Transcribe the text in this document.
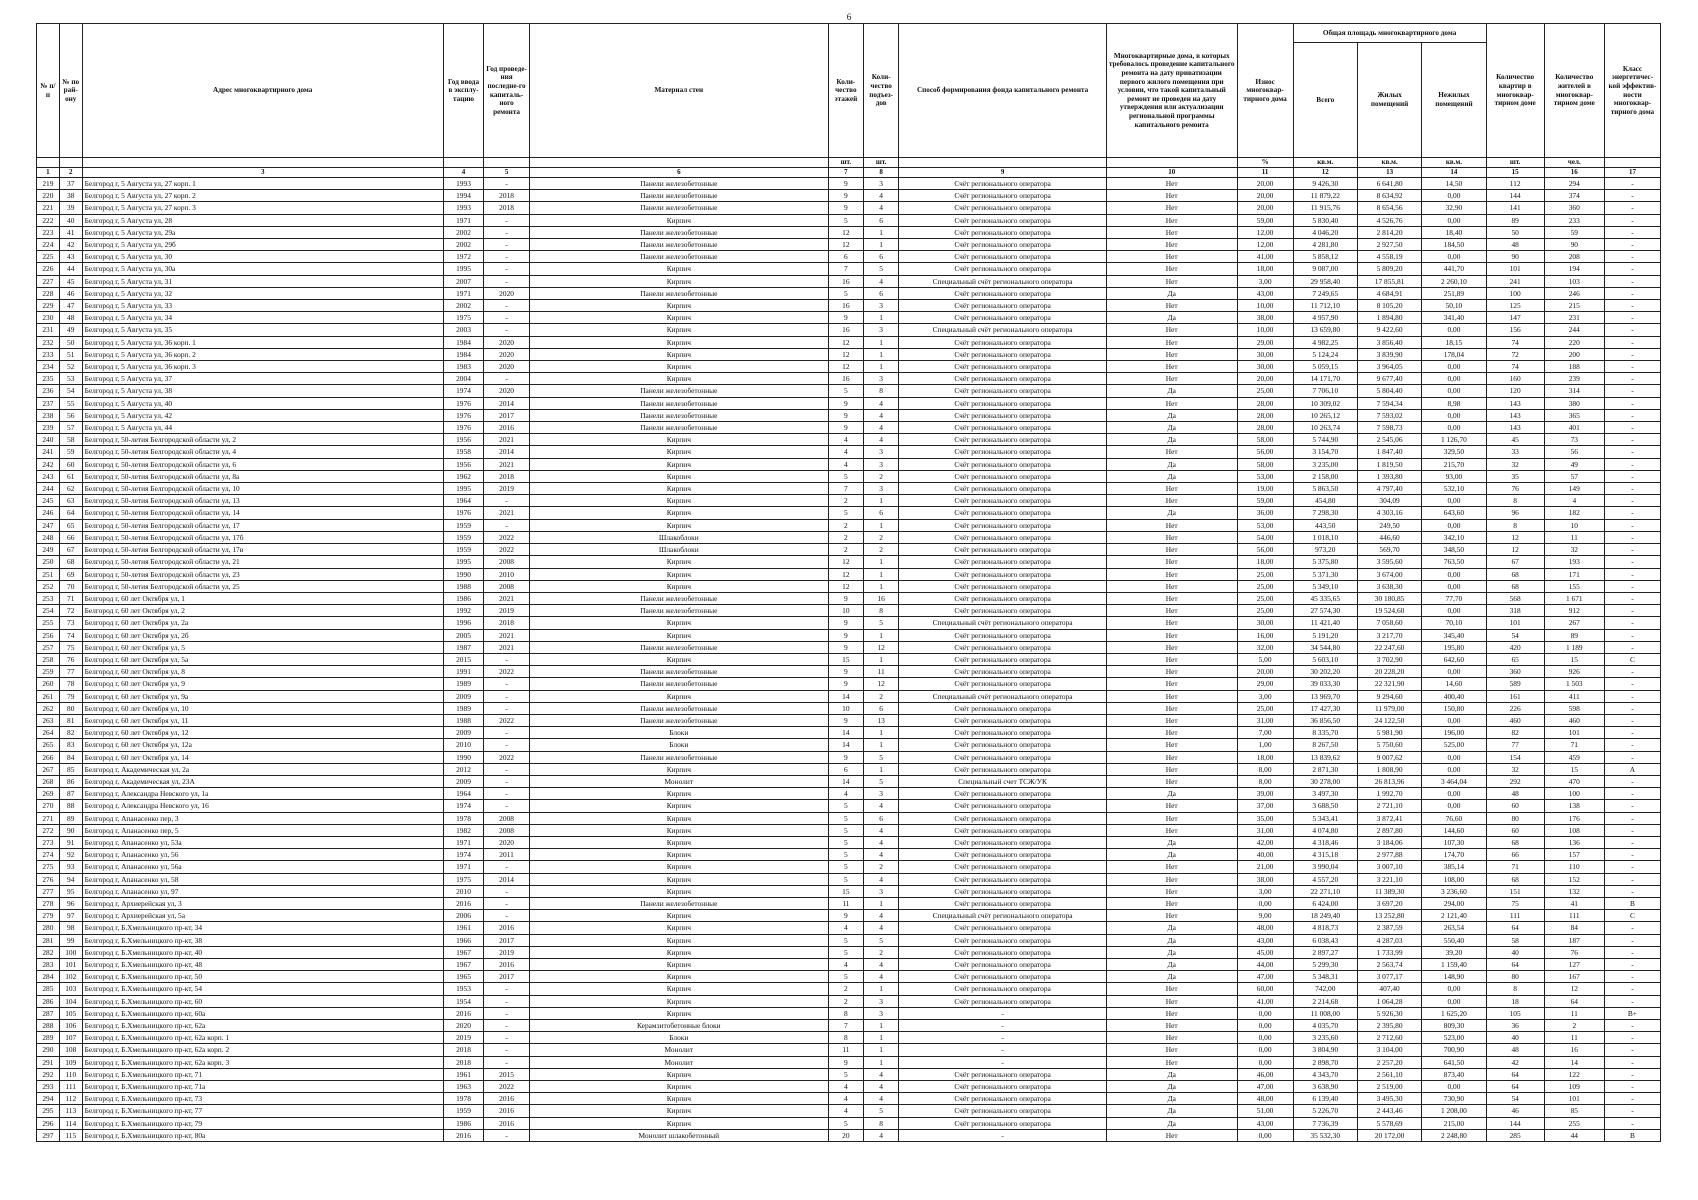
6
№ п/п	№ по рай-ону	Адрес многоквартирного дома	Год ввода в эксплу-тацию	Год проведе-ния последне-го капиталь-ного ремонта	Материал стен	Коли-чество этажей	Коли-чество подъез-дов	Способ формирования фонда капитального ремонта	Многоквартирные дома, в которых требовалось проведение капитального ремонта на дату приватизации первого жилого помещения при условии, что такой капитальный ремонт не проведен на дату утверждения или актуализации региональной программы капитального ремонта	Износ многоквар-тирного дома	Общая площадь многоквартирного дома			Количество квартир в многоквар-тирном доме	Количество жителей в многоквар-тирном доме	Класс энергетичес-кой эффектив-ности многоквар-тирного дома
											Всего	Жилых помещений	Нежилых помещений			
						шт.	шт.			%	кв.м.	кв.м.	кв.м.	шт.	чел.	
1	2	3	4	5	6	7	8	9	10	11	12	13	14	15	16	17
219	37	Белгород г, 5 Августа ул, 27 корп. 1	1993	-	Панели железобетонные	9	3	Счёт регионального оператора	Нет	20,00	9 426,30	6 641,80	14,50	112	294	-
220	38	Белгород г, 5 Августа ул, 27 корп. 2	1994	2018	Панели железобетонные	9	4	Счёт регионального оператора	Нет	20,00	11 879,22	8 634,92	0,00	144	374	-
221	39	Белгород г, 5 Августа ул, 27 корп. 3	1993	2018	Панели железобетонные	9	4	Счёт регионального оператора	Нет	20,00	11 915,76	8 654,56	32,90	141	360	-
222	40	Белгород г, 5 Августа ул, 28	1971	-	Кирпич	5	6	Счёт регионального оператора	Нет	59,00	5 830,40	4 526,76	0,00	89	233	-
223	41	Белгород г, 5 Августа ул, 29а	2002	-	Панели железобетонные	12	1	Счёт регионального оператора	Нет	12,00	4 046,20	2 814,20	18,40	50	59	-
224	42	Белгород г, 5 Августа ул, 29б	2002	-	Панели железобетонные	12	1	Счёт регионального оператора	Нет	12,00	4 281,80	2 927,50	184,50	48	90	-
225	43	Белгород г, 5 Августа ул, 30	1972	-	Панели железобетонные	6	6	Счёт регионального оператора	Нет	41,00	5 858,12	4 558,19	0,00	90	208	-
226	44	Белгород г, 5 Августа ул, 30а	1995	-	Кирпич	7	5	Счёт регионального оператора	Нет	18,00	9 087,00	5 809,20	441,70	101	194	-
227	45	Белгород г, 5 Августа ул, 31	2007	-	Кирпич	16	4	Специальный счёт регионального оператора	Нет	3,00	29 958,40	17 855,81	2 260,10	241	103	-
228	46	Белгород г, 5 Августа ул, 32	1971	2020	Панели железобетонные	5	6	Счёт регионального оператора	Да	43,00	7 249,65	4 684,91	251,89	100	246	-
229	47	Белгород г, 5 Августа ул, 33	2002	-	Кирпич	16	3	Счёт регионального оператора	Нет	10,00	11 712,10	8 105,20	50,10	125	215	-
230	48	Белгород г, 5 Августа ул, 34	1975	-	Кирпич	9	1	Счёт регионального оператора	Да	38,00	4 957,90	1 894,80	341,40	147	231	-
231	49	Белгород г, 5 Августа ул, 35	2003	-	Кирпич	16	3	Специальный счёт регионального оператора	Нет	10,00	13 659,80	9 422,60	0,00	156	244	-
232	50	Белгород г, 5 Августа ул, 36 корп. 1	1984	2020	Кирпич	12	1	Счёт регионального оператора	Нет	29,00	4 982,25	3 856,40	18,15	74	220	-
233	51	Белгород г, 5 Августа ул, 36 корп. 2	1984	2020	Кирпич	12	1	Счёт регионального оператора	Нет	30,00	5 124,24	3 839,90	178,04	72	200	-
234	52	Белгород г, 5 Августа ул, 36 корп. 3	1983	2020	Кирпич	12	1	Счёт регионального оператора	Нет	30,00	5 059,15	3 964,05	0,00	74	188	-
235	53	Белгород г, 5 Августа ул, 37	2004	-	Кирпич	16	3	Счёт регионального оператора	Нет	20,00	14 171,70	9 677,40	0,00	160	239	-
236	54	Белгород г, 5 Августа ул, 38	1974	2020	Панели железобетонные	5	8	Счёт регионального оператора	Да	25,00	7 706,10	5 804,40	0,00	120	314	-
237	55	Белгород г, 5 Августа ул, 40	1976	2014	Панели железобетонные	9	4	Счёт регионального оператора	Нет	28,00	10 309,02	7 594,34	8,98	143	380	-
238	56	Белгород г, 5 Августа ул, 42	1976	2017	Панели железобетонные	9	4	Счёт регионального оператора	Да	28,00	10 265,12	7 593,02	0,00	143	365	-
239	57	Белгород г, 5 Августа ул, 44	1976	2016	Панели железобетонные	9	4	Счёт регионального оператора	Да	28,00	10 263,74	7 598,73	0,00	143	401	-
240	58	Белгород г, 50-летия Белгородской области ул, 2	1956	2021	Кирпич	4	4	Счёт регионального оператора	Да	58,00	5 744,90	2 545,06	1 126,70	45	73	-
241	59	Белгород г, 50-летия Белгородской области ул, 4	1958	2014	Кирпич	4	3	Счёт регионального оператора	Нет	56,00	3 154,70	1 847,40	329,50	33	56	-
242	60	Белгород г, 50-летия Белгородской области ул, 6	1956	2021	Кирпич	4	3	Счёт регионального оператора	Да	58,00	3 235,00	1 819,50	215,70	32	49	-
243	61	Белгород г, 50-летия Белгородской области ул, 8а	1962	2018	Кирпич	5	2	Счёт регионального оператора	Да	53,00	2 158,00	1 393,80	93,00	35	57	-
244	62	Белгород г, 50-летия Белгородской области ул, 10	1995	2019	Кирпич	7	3	Счёт регионального оператора	Нет	19,00	5 863,50	4 797,40	532,10	76	149	-
245	63	Белгород г, 50-летия Белгородской области ул, 13	1964	-	Кирпич	2	1	Счёт регионального оператора	Нет	59,00	454,80	304,09	0,00	8	4	-
246	64	Белгород г, 50-летия Белгородской области ул, 14	1976	2021	Кирпич	5	6	Счёт регионального оператора	Да	36,00	7 298,30	4 303,16	643,60	96	182	-
247	65	Белгород г, 50-летия Белгородской области ул, 17	1959	-	Кирпич	2	1	Счёт регионального оператора	Нет	53,00	443,50	249,50	0,00	8	10	-
248	66	Белгород г, 50-летия Белгородской области ул, 17б	1959	2022	Шлакоблоки	2	2	Счёт регионального оператора	Нет	54,00	1 018,10	446,60	342,10	12	11	-
249	67	Белгород г, 50-летия Белгородской области ул, 17в	1959	2022	Шлакоблоки	2	2	Счёт регионального оператора	Нет	56,00	973,20	569,70	348,50	12	32	-
250	68	Белгород г, 50-летия Белгородской области ул, 21	1995	2008	Кирпич	12	1	Счёт регионального оператора	Нет	18,00	5 375,80	3 595,60	763,50	67	193	-
251	69	Белгород г, 50-летия Белгородской области ул, 23	1990	2010	Кирпич	12	1	Счёт регионального оператора	Нет	25,00	5 371,30	3 674,00	0,00	68	171	-
252	70	Белгород г, 50-летия Белгородской области ул, 25	1988	2008	Кирпич	12	1	Счёт регионального оператора	Нет	25,00	5 349,10	3 638,30	0,00	68	155	-
253	71	Белгород г, 60 лет Октября ул, 1	1986	2021	Панели железобетонные	9	16	Счёт регионального оператора	Нет	25,00	45 335,65	30 180,85	77,70	568	1 671	-
254	72	Белгород г, 60 лет Октября ул, 2	1992	2019	Панели железобетонные	10	8	Счёт регионального оператора	Нет	25,00	27 574,30	19 524,60	0,00	318	912	-
255	73	Белгород г, 60 лет Октября ул, 2а	1996	2018	Кирпич	9	5	Специальный счёт регионального оператора	Нет	30,00	11 421,40	7 058,60	70,10	101	267	-
256	74	Белгород г, 60 лет Октября ул, 2б	2005	2021	Кирпич	9	1	Счёт регионального оператора	Нет	16,00	5 191,20	3 217,70	345,40	54	89	-
257	75	Белгород г, 60 лет Октября ул, 5	1987	2021	Панели железобетонные	9	12	Счёт регионального оператора	Нет	32,00	34 544,80	22 247,60	195,80	420	1 189	-
258	76	Белгород г, 60 лет Октября ул, 5а	2015	-	Кирпич	15	1	Счёт регионального оператора	Нет	5,00	5 603,10	3 702,90	642,60	65	15	C
259	77	Белгород г, 60 лет Октября ул, 8	1991	2022	Панели железобетонные	9	11	Счёт регионального оператора	Нет	20,00	30 202,20	20 228,20	0,00	360	926	-
260	78	Белгород г, 60 лет Октября ул, 9	1989	-	Панели железобетонные	9	12	Счёт регионального оператора	Нет	29,00	39 033,30	22 321,90	14,60	589	1 503	-
261	79	Белгород г, 60 лет Октября ул, 9а	2009	-	Кирпич	14	2	Специальный счёт регионального оператора	Нет	3,00	13 969,70	9 294,60	400,40	161	411	-
262	80	Белгород г, 60 лет Октября ул, 10	1989	-	Панели железобетонные	10	6	Счёт регионального оператора	Нет	25,00	17 427,30	11 979,00	150,80	226	598	-
263	81	Белгород г, 60 лет Октября ул, 11	1988	2022	Панели железобетонные	9	13	Счёт регионального оператора	Нет	31,00	36 856,50	24 122,50	0,00	460	460	-
264	82	Белгород г, 60 лет Октября ул, 12	2009	-	Блоки	14	1	Счёт регионального оператора	Нет	7,00	8 335,70	5 981,90	196,00	82	101	-
265	83	Белгород г, 60 лет Октября ул, 12а	2010	-	Блоки	14	1	Счёт регионального оператора	Нет	1,00	8 267,50	5 750,60	525,00	77	71	-
266	84	Белгород г, 60 лет Октября ул, 14	1990	2022	Панели железобетонные	9	5	Счёт регионального оператора	Нет	18,00	13 839,62	9 007,62	0,00	154	459	-
267	85	Белгород г, Академическая ул, 2а	2012	-	Кирпич	6	1	Счёт регионального оператора	Нет	8,00	2 871,30	1 808,90	0,00	32	15	A
268	86	Белгород г, Академическая ул, 23А	2009	-	Монолит	14	5	Специальный счет ТСЖ/УК	Нет	8,00	30 278,00	26 813,96	3 464,04	292	470	-
269	87	Белгород г, Александра Невского ул, 1а	1964	-	Кирпич	4	3	Счёт регионального оператора	Да	39,00	3 497,30	1 992,70	0,00	48	100	-
270	88	Белгород г, Александра Невского ул, 16	1974	-	Кирпич	5	4	Счёт регионального оператора	Нет	37,00	3 688,50	2 721,10	0,00	60	138	-
271	89	Белгород г, Апанасенко пер, 3	1978	2008	Кирпич	5	6	Счёт регионального оператора	Нет	35,00	5 343,41	3 872,41	76,60	80	176	-
272	90	Белгород г, Апанасенко пер, 5	1982	2008	Кирпич	5	4	Счёт регионального оператора	Нет	31,00	4 074,80	2 897,80	144,60	60	108	-
273	91	Белгород г, Апанасенко ул, 53а	1971	2020	Кирпич	5	4	Счёт регионального оператора	Да	42,00	4 318,46	3 184,06	107,30	68	136	-
274	92	Белгород г, Апанасенко ул, 56	1974	2011	Кирпич	5	4	Счёт регионального оператора	Да	40,00	4 315,18	2 977,88	174,70	66	157	-
275	93	Белгород г, Апанасенко ул, 56а	1971	-	Кирпич	5	2	Счёт регионального оператора	Нет	21,00	3 990,04	3 007,10	385,14	71	110	-
276	94	Белгород г, Апанасенко ул, 58	1975	2014	Кирпич	5	4	Счёт регионального оператора	Нет	38,00	4 557,20	3 221,10	108,00	68	152	-
277	95	Белгород г, Апанасенко ул, 97	2010	-	Кирпич	15	3	Счёт регионального оператора	Нет	3,00	22 271,10	11 389,30	3 236,60	151	132	-
278	96	Белгород г, Архиерейская ул, 3	2016	-	Панели железобетонные	11	1	Счёт регионального оператора	Нет	0,00	6 424,00	3 697,20	294,00	75	41	B
279	97	Белгород г, Архиерейская ул, 5а	2006	-	Кирпич	9	4	Специальный счёт регионального оператора	Нет	9,00	18 249,40	13 252,80	2 121,40	111	111	C
280	98	Белгород г, Б.Хмельницкого пр-кт, 34	1961	2016	Кирпич	4	4	Счёт регионального оператора	Да	48,00	4 818,73	2 387,59	263,54	64	84	-
281	99	Белгород г, Б.Хмельницкого пр-кт, 38	1966	2017	Кирпич	5	5	Счёт регионального оператора	Да	43,00	6 038,43	4 287,03	550,40	58	187	-
282	100	Белгород г, Б.Хмельницкого пр-кт, 40	1967	2019	Кирпич	5	2	Счёт регионального оператора	Да	45,00	2 897,27	1 733,99	39,20	40	76	-
283	101	Белгород г, Б.Хмельницкого пр-кт, 48	1967	2016	Кирпич	4	4	Счёт регионального оператора	Да	44,00	5 299,30	2 563,74	1 159,40	64	127	-
284	102	Белгород г, Б.Хмельницкого пр-кт, 50	1965	2017	Кирпич	5	4	Счёт регионального оператора	Да	47,00	5 348,31	3 077,17	148,90	80	167	-
285	103	Белгород г, Б.Хмельницкого пр-кт, 54	1953	-	Кирпич	2	1	Счёт регионального оператора	Нет	60,00	742,00	407,40	0,00	8	12	-
286	104	Белгород г, Б.Хмельницкого пр-кт, 60	1954	-	Кирпич	2	3	Счёт регионального оператора	Нет	41,00	2 214,68	1 064,28	0,00	18	64	-
287	105	Белгород г, Б.Хмельницкого пр-кт, 60а	2016	-	Кирпич	8	3	-	Нет	0,00	11 008,00	5 926,30	1 625,20	105	11	B+
288	106	Белгород г, Б.Хмельницкого пр-кт, 62а	2020	-	Керамзитобетонные блоки	7	1	-	Нет	0,00	4 035,70	2 395,80	809,30	36	2	-
289	107	Белгород г, Б.Хмельницкого пр-кт, 62а корп. 1	2019	-	Блоки	8	1	-	Нет	0,00	3 235,60	2 712,60	523,00	40	11	-
290	108	Белгород г, Б.Хмельницкого пр-кт, 62а корп. 2	2018	-	Монолит	11	1	-	Нет	0,00	3 804,90	3 104,00	700,90	48	16	-
291	109	Белгород г, Б.Хмельницкого пр-кт, 62а корп. 3	2018	-	Монолит	9	1	-	Нет	0,00	2 898,70	2 257,20	641,50	42	14	-
292	110	Белгород г, Б.Хмельницкого пр-кт, 71	1961	2015	Кирпич	5	4	Счёт регионального оператора	Да	46,00	4 343,70	2 561,10	873,40	64	122	-
293	111	Белгород г, Б.Хмельницкого пр-кт, 71а	1963	2022	Кирпич	4	4	Счёт регионального оператора	Да	47,00	3 638,90	2 519,00	0,00	64	109	-
294	112	Белгород г, Б.Хмельницкого пр-кт, 73	1978	2016	Кирпич	4	4	Счёт регионального оператора	Да	48,00	6 139,40	3 495,30	730,90	54	101	-
295	113	Белгород г, Б.Хмельницкого пр-кт, 77	1959	2016	Кирпич	4	5	Счёт регионального оператора	Да	51,00	5 226,70	2 443,46	1 208,00	46	85	-
296	114	Белгород г, Б.Хмельницкого пр-кт, 79	1986	2016	Кирпич	5	8	Счёт регионального оператора	Да	43,00	7 736,39	5 578,69	215,00	144	255	-
297	115	Белгород г, Б.Хмельницкого пр-кт, 80а	2016	-	Монолит шлакобетонный	20	4	-	Нет	0,00	35 532,30	20 172,00	2 248,80	285	44	B
